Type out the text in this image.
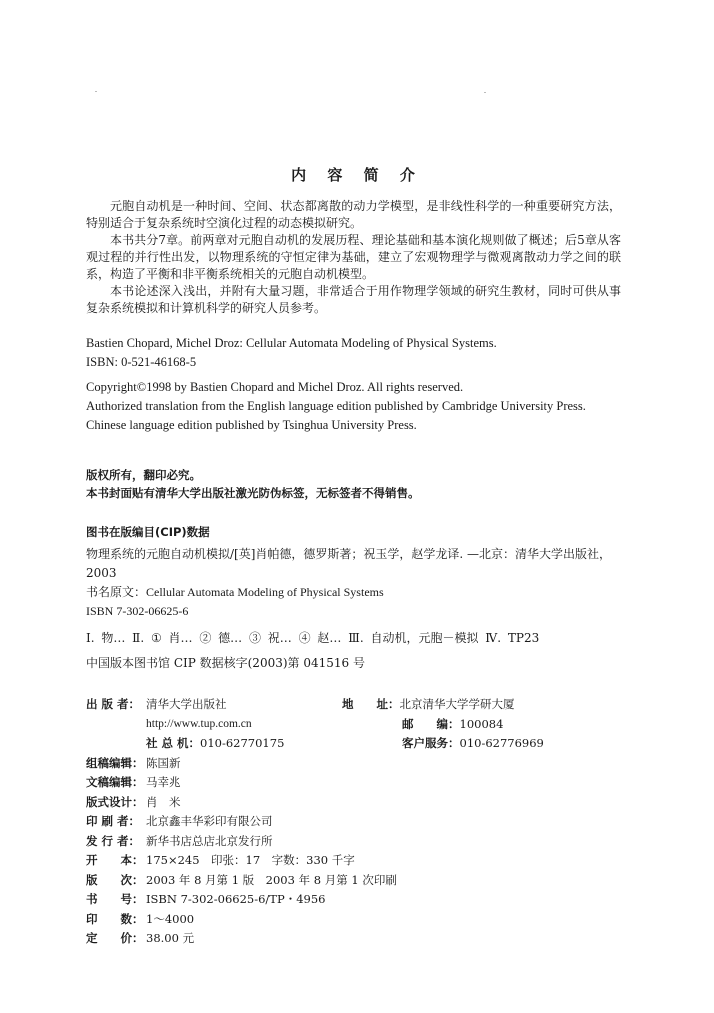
内 容 简 介

元胞自动机是一种时间、空间、状态都离散的动力学模型，是非线性科学的一种重要研究方法，特别适合于复杂系统时空演化过程的动态模拟研究。

本书共分7章。前两章对元胞自动机的发展历程、理论基础和基本演化规则做了概述；后5章从客观过程的并行性出发，以物理系统的守恒定律为基础，建立了宏观物理学与微观离散动力学之间的联系，构造了平衡和非平衡系统相关的元胞自动机模型。

本书论述深入浅出，并附有大量习题，非常适合于用作物理学领域的研究生教材，同时可供从事复杂系统模拟和计算机科学的研究人员参考。

Bastien Chopard, Michel Droz: Cellular Automata Modeling of Physical Systems.

ISBN: 0-521-46168-5

Copyright©1998 by Bastien Chopard and Michel Droz. All rights reserved.

Authorized translation from the English language edition published by Cambridge University Press.

Chinese language edition published by Tsinghua University Press.

版权所有，翻印必究。

本书封面贴有清华大学出版社激光防伪标签，无标签者不得销售。

图书在版编目(CIP)数据

物理系统的元胞自动机模拟/[英]肖帕德，德罗斯著；祝玉学，赵学龙译. —北京：清华大学出版社，2003

书名原文：Cellular Automata Modeling of Physical Systems

ISBN 7-302-06625-6

Ⅰ. 物… Ⅱ. ① 肖… ② 德… ③ 祝… ④ 赵… Ⅲ. 自动机，元胞－模拟 Ⅳ. TP23

中国版本图书馆 CIP 数据核字(2003)第 041516 号

出 版 者： 清华大学出版社	地　　址： 北京清华大学学研大厦
http://www.tup.com.cn	邮　　编： 100084
社 总 机： 010-62770175	客户服务： 010-62776969
组稿编辑： 陈国新
文稿编辑： 马幸兆
版式设计： 肖　米
印 刷 者： 北京鑫丰华彩印有限公司
发 行 者： 新华书店总店北京发行所
开　　本： 175×245　印张：17　字数：330 千字
版　　次： 2003 年 8 月第 1 版　2003 年 8 月第 1 次印刷
书　　号： ISBN 7-302-06625-6/TP・4956
印　　数： 1～4000
定　　价： 38.00 元
